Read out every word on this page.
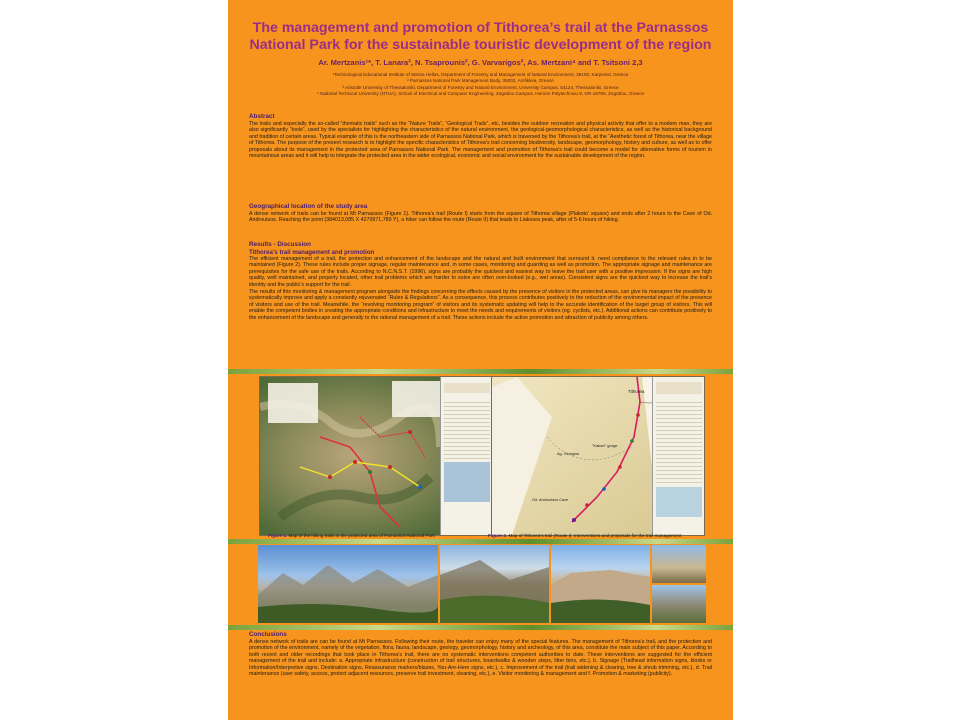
The management and promotion of Tithorea’s trail at the Parnassos National Park for the sustainable touristic development of the region
Ar. Mertzanis¹*, T. Lanara², N. Tsaprounis², G. Varvarigos², As. Mertzani⁴ and T. Tsitsoni 2,3
¹Technological Educational Institute of Sterea Hellas, Department of Forestry and Management of Natural Environment, 36100, Karpenisi, Greece
² Parnassos National Park Management Body, 35002, Amfikleia, Greece
³ Aristotle University of Thessaloniki, Department of Forestry and Natural Environment, University Campus, 54124, Thessaloniki, Greece
⁴ National Technical University (NTUA), School of Electrical and Computer Engineering, Zografou Campus, Heroon Polytechniou 9, GR-15780, Zografou, Greece
Abstract

The trails and especially the so-called “thematic trails” such as the “Nature Trails”, “Geological Trails”, etc, besides the outdoor recreation and physical activity that offer to a modern man, they are also significantly “tools”, used by the specialists for highlighting the characteristics of the natural environment, the geological-geomorphological characteristics, as well as the historical background and tradition of certain areas. Typical example of this is the northeastern side of Parnassos National Park, which is traversed by the Tithorea’s trail, at the “Aesthetic forest of Tithorea, near the village of Tithorea. The purpose of the present research is to highlight the specific characteristics of Tithorea’s trail concerning biodiversity, landscape, geomorphology, history and culture, as well as to offer proposals about its management in the protected area of Parnassos National Park. The management and promotion of Tithorea’s trail could become a model for alternative forms of tourism in mountainous areas and it will help to integrate the protected area in the wider ecological, economic and social environment for the sustainable development of the region.

Geographical location of the study area

A dense network of trails can be found at Mt Parnassos (Figure 1). Tithorea’s trail (Route I) starts from the square of Tithorea village (Plakoto’ square) and ends after 2 hours to the Cave of Od. Androutsos. Reaching the point (384013,085 X 4270971,789 Y), a hiker can follow the route (Route II) that leads to Liakoura peak, after of 5-6 hours of hiking.

Results - Discussion
Tithorea’s trail management and promotion

The efficient management of a trail, the protection and enhancement of the landscape and the natural and built environment that surround it, need compliance to the relevant rules in to be maintained (Figure 2). These rules include proper signage, regular maintenance and, in some cases, monitoring and guarding as well as promotion. The appropriate signage and maintenance are prerequisites for the safe use of the trails. According to N.C.N.S.T. (1996), signs are probably the quickest and easiest way to leave the trail user with a positive impression. If the signs are high quality, well maintained, and properly located, other trail problems which are harder to solve are often over-looked (e.g., wet areas). Consistent signs are the quickest way to increase the trail’s identity and the public’s support for the trail.

The results of this monitoring & management program alongside the findings concerning the effects caused by the presence of visitors in the protected areas, can give its managers the possibility to systematically improve and apply a constantly rejuvenated “Rules & Regulations”. As a consequence, this process contributes positively to the reduction of the environmental impact of the presence of visitors and use of the trail. Meanwhile, the “revolving monitoring program” of visitors and its systematic updating will help to the accurate identification of the target group of visitors. This will enable the competent bodies in creating the appropriate conditions and infrastructure to meet the needs and requirements of visitors (eg. cyclists, etc.). Additional actions can contribute positively to the enhancement of the landscape and generally to the rational management of a trail. These actions include the active promotion and attraction of publicity among others.

Tithorea
"Kakari" gorge
Ag. Georgios
Od. Androutsos Cave
Figure 1. Map of the hiking trails in the protected area of Parnassos National Park	Figure 2. Map of Tithorea’s trail (Route I): Interventions and proposals for the trail management
Conclusions

A dense network of trails are can be found at Mt Parnassos. Following their route, the traveler can enjoy many of the special features. The management of Tithorea’s trail, and the protection and promotion of the environment, namely of the vegetation, flora, fauna, landscape, geology, geomorphology, history and archeology, of this area, constitute the main subject of this paper. According to both recent and older recordings that took place in Tithorea’s trail, there are no systematic interventions competent authorities to date. These interventions are suggested for the efficient management of the trail and include: a. Appropriate infrastructure (construction of trail structures, boardwalks & wooden steps, litter bins, etc.), b. Signage (Trailhead information signs, kiosks or Information/Interpretive signs, Destination signs, Reassurance markers/blazes, You-Are-Here signs, etc.), c. Improvement of the trail (trail widening & clearing, tree & shrub trimming, etc.), d. Trail maintenance (user safety, access, protect adjacent resources, preserve trail investment, cleaning, etc.), e. Visitor monitoring & management and f. Promotion & marketing (publicity).
